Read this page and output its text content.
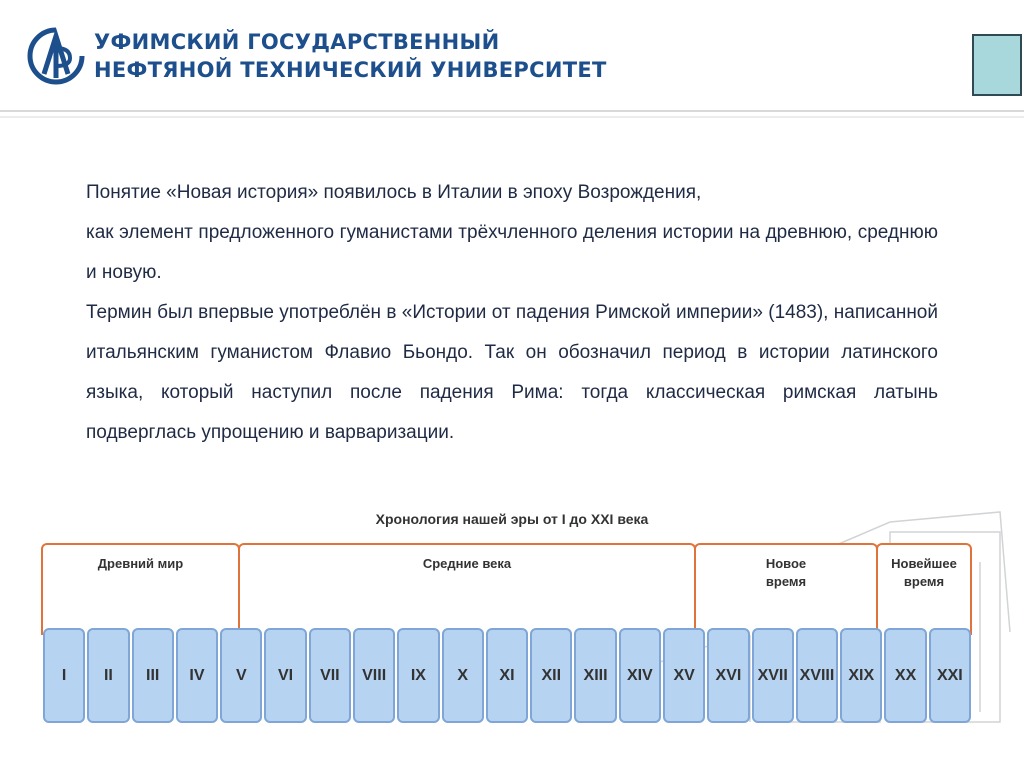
УФИМСКИЙ ГОСУДАРСТВЕННЫЙ
НЕФТЯНОЙ ТЕХНИЧЕСКИЙ УНИВЕРСИТЕТ

Понятие «Новая история» появилось в Италии в эпоху Возрождения,

как элемент предложенного гуманистами трёхчленного деления истории на древнюю, среднюю и новую.

Термин был впервые употреблён в «Истории от падения Римской империи» (1483), написанной итальянским гуманистом Флавио Бьондо. Так он обозначил период в истории латинского языка, который наступил после падения Рима: тогда классическая римская латынь подверглась упрощению и варваризации.

Хронология нашей эры от I до XXI века
Древний мир	Средние века	Новое время
Новейшее время
I	II	III	IV	V	VI	VII	VIII	IX	X	XI	XII	XIII	XIV	XV	XVI	XVII XVIII XIX	XX	XXI
